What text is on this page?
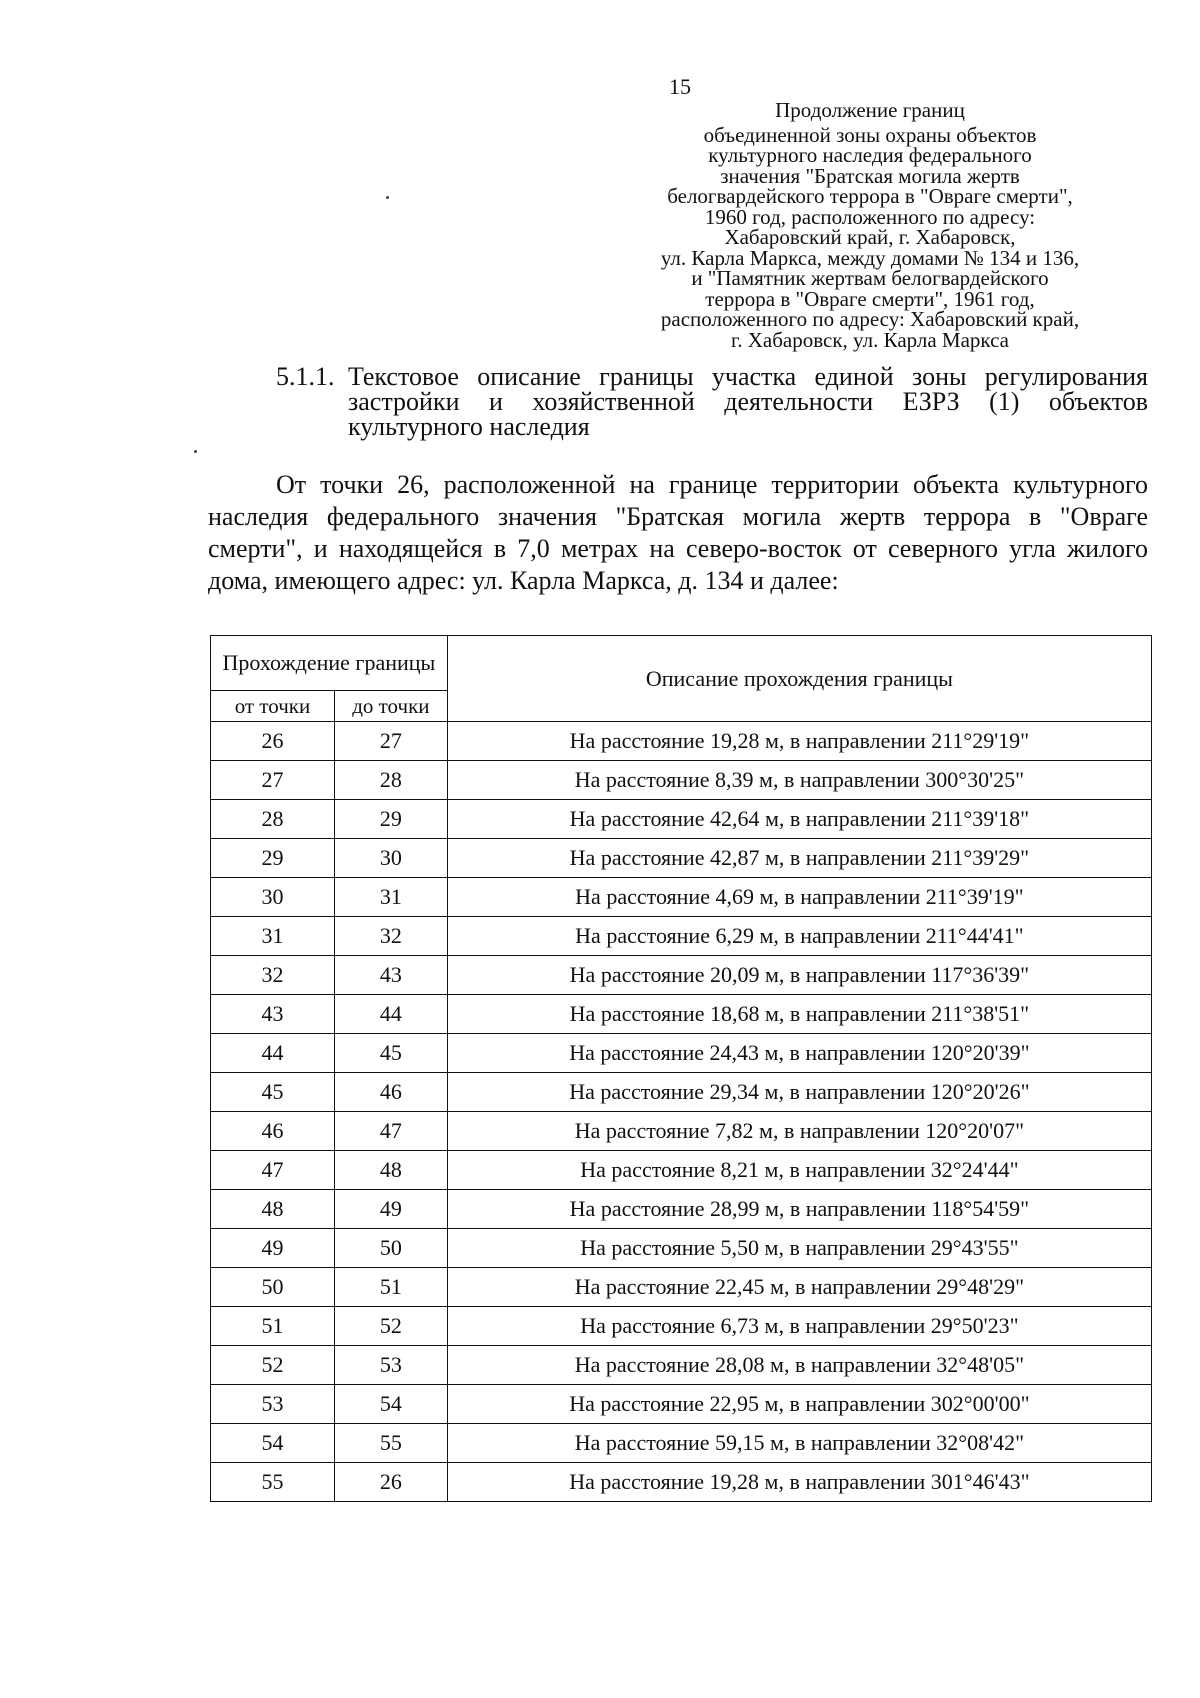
15
Продолжение границ
объединенной зоны охраны объектов
культурного наследия федерального
значения "Братская могила жертв
белогвардейского террора в "Овраге смерти",
1960 год, расположенного по адресу:
Хабаровский край, г. Хабаровск,
ул. Карла Маркса, между домами № 134 и 136,
и "Памятник жертвам белогвардейского
террора в "Овраге смерти", 1961 год,
расположенного по адресу: Хабаровский край,
г. Хабаровск, ул. Карла Маркса
5.1.1. Текстовое описание границы участка единой зоны регулирования застройки и хозяйственной деятельности ЕЗРЗ (1) объектов культурного наследия

От точки 26, расположенной на границе территории объекта культурного наследия федерального значения "Братская могила жертв террора в "Овраге смерти", и находящейся в 7,0 метрах на северо-восток от северного угла жилого дома, имеющего адрес: ул. Карла Маркса, д. 134 и далее:

Прохождение границы		Описание прохождения границы
от точки	до точки	
26	27	На расстояние 19,28 м, в направлении 211°29'19"
27	28	На расстояние 8,39 м, в направлении 300°30'25"
28	29	На расстояние 42,64 м, в направлении 211°39'18"
29	30	На расстояние 42,87 м, в направлении 211°39'29"
30	31	На расстояние 4,69 м, в направлении 211°39'19"
31	32	На расстояние 6,29 м, в направлении 211°44'41"
32	43	На расстояние 20,09 м, в направлении 117°36'39"
43	44	На расстояние 18,68 м, в направлении 211°38'51"
44	45	На расстояние 24,43 м, в направлении 120°20'39"
45	46	На расстояние 29,34 м, в направлении 120°20'26"
46	47	На расстояние 7,82 м, в направлении 120°20'07"
47	48	На расстояние 8,21 м, в направлении 32°24'44"
48	49	На расстояние 28,99 м, в направлении 118°54'59"
49	50	На расстояние 5,50 м, в направлении 29°43'55"
50	51	На расстояние 22,45 м, в направлении 29°48'29"
51	52	На расстояние 6,73 м, в направлении 29°50'23"
52	53	На расстояние 28,08 м, в направлении 32°48'05"
53	54	На расстояние 22,95 м, в направлении 302°00'00"
54	55	На расстояние 59,15 м, в направлении 32°08'42"
55	26	На расстояние 19,28 м, в направлении 301°46'43"
